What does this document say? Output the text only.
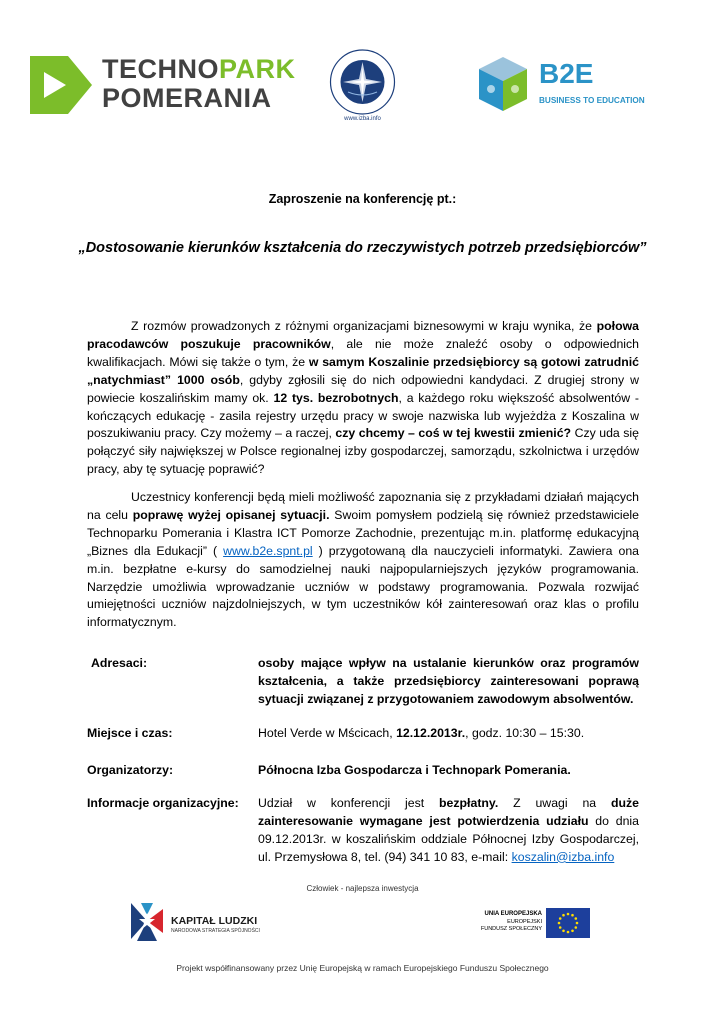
TECHNOPARK
POMERANIA
www.izba.info
B2E
BUSINESS TO EDUCATION
Zaproszenie na konferencję pt.:
„Dostosowanie kierunków kształcenia do rzeczywistych potrzeb przedsiębiorców”

Z rozmów prowadzonych z różnymi organizacjami biznesowymi w kraju wynika, że połowa pracodawców poszukuje pracowników, ale nie może znaleźć osoby o odpowiednich kwalifikacjach. Mówi się także o tym, że w samym Koszalinie przedsiębiorcy są gotowi zatrudnić „natychmiast” 1000 osób, gdyby zgłosili się do nich odpowiedni kandydaci. Z drugiej strony w powiecie koszalińskim mamy ok. 12 tys. bezrobotnych, a każdego roku większość absolwentów - kończących edukację - zasila rejestry urzędu pracy w swoje nazwiska lub wyjeżdża z Koszalina w poszukiwaniu pracy. Czy możemy – a raczej, czy chcemy – coś w tej kwestii zmienić? Czy uda się połączyć siły największej w Polsce regionalnej izby gospodarczej, samorządu, szkolnictwa i urzędów pracy, aby tę sytuację poprawić?

Uczestnicy konferencji będą mieli możliwość zapoznania się z przykładami działań mających na celu poprawę wyżej opisanej sytuacji. Swoim pomysłem podzielą się również przedstawiciele Technoparku Pomerania i Klastra ICT Pomorze Zachodnie, prezentując m.in. platformę edukacyjną „Biznes dla Edukacji” ( www.b2e.spnt.pl ) przygotowaną dla nauczycieli informatyki. Zawiera ona m.in. bezpłatne e-kursy do samodzielnej nauki najpopularniejszych języków programowania. Narzędzie umożliwia wprowadzanie uczniów w podstawy programowania. Pozwala rozwijać umiejętności uczniów najzdolniejszych, w tym uczestników kół zainteresowań oraz klas o profilu informatycznym.

Adresaci:	osoby mające wpływ na ustalanie kierunków oraz programów kształcenia, a także przedsiębiorcy zainteresowani poprawą sytuacji związanej z przygotowaniem zawodowym absolwentów.
Miejsce i czas:	Hotel Verde w Mścicach, 12.12.2013r., godz. 10:30 – 15:30.
Organizatorzy:	Północna Izba Gospodarcza i Technopark Pomerania.
Informacje organizacyjne: Udział w konferencji jest bezpłatny. Z uwagi na duże zainteresowanie wymagane jest potwierdzenia udziału do dnia 09.12.2013r. w koszalińskim oddziale Północnej Izby Gospodarczej, ul. Przemysłowa 8, tel. (94) 341 10 83, e-mail: koszalin@izba.info
Człowiek - najlepsza inwestycja
KAPITAŁ LUDZKI
NARODOWA STRATEGIA SPÓJNOŚCI
UNIA EUROPEJSKA
EUROPEJSKI
FUNDUSZ SPOŁECZNY
Projekt współfinansowany przez Unię Europejską w ramach Europejskiego Funduszu Społecznego
